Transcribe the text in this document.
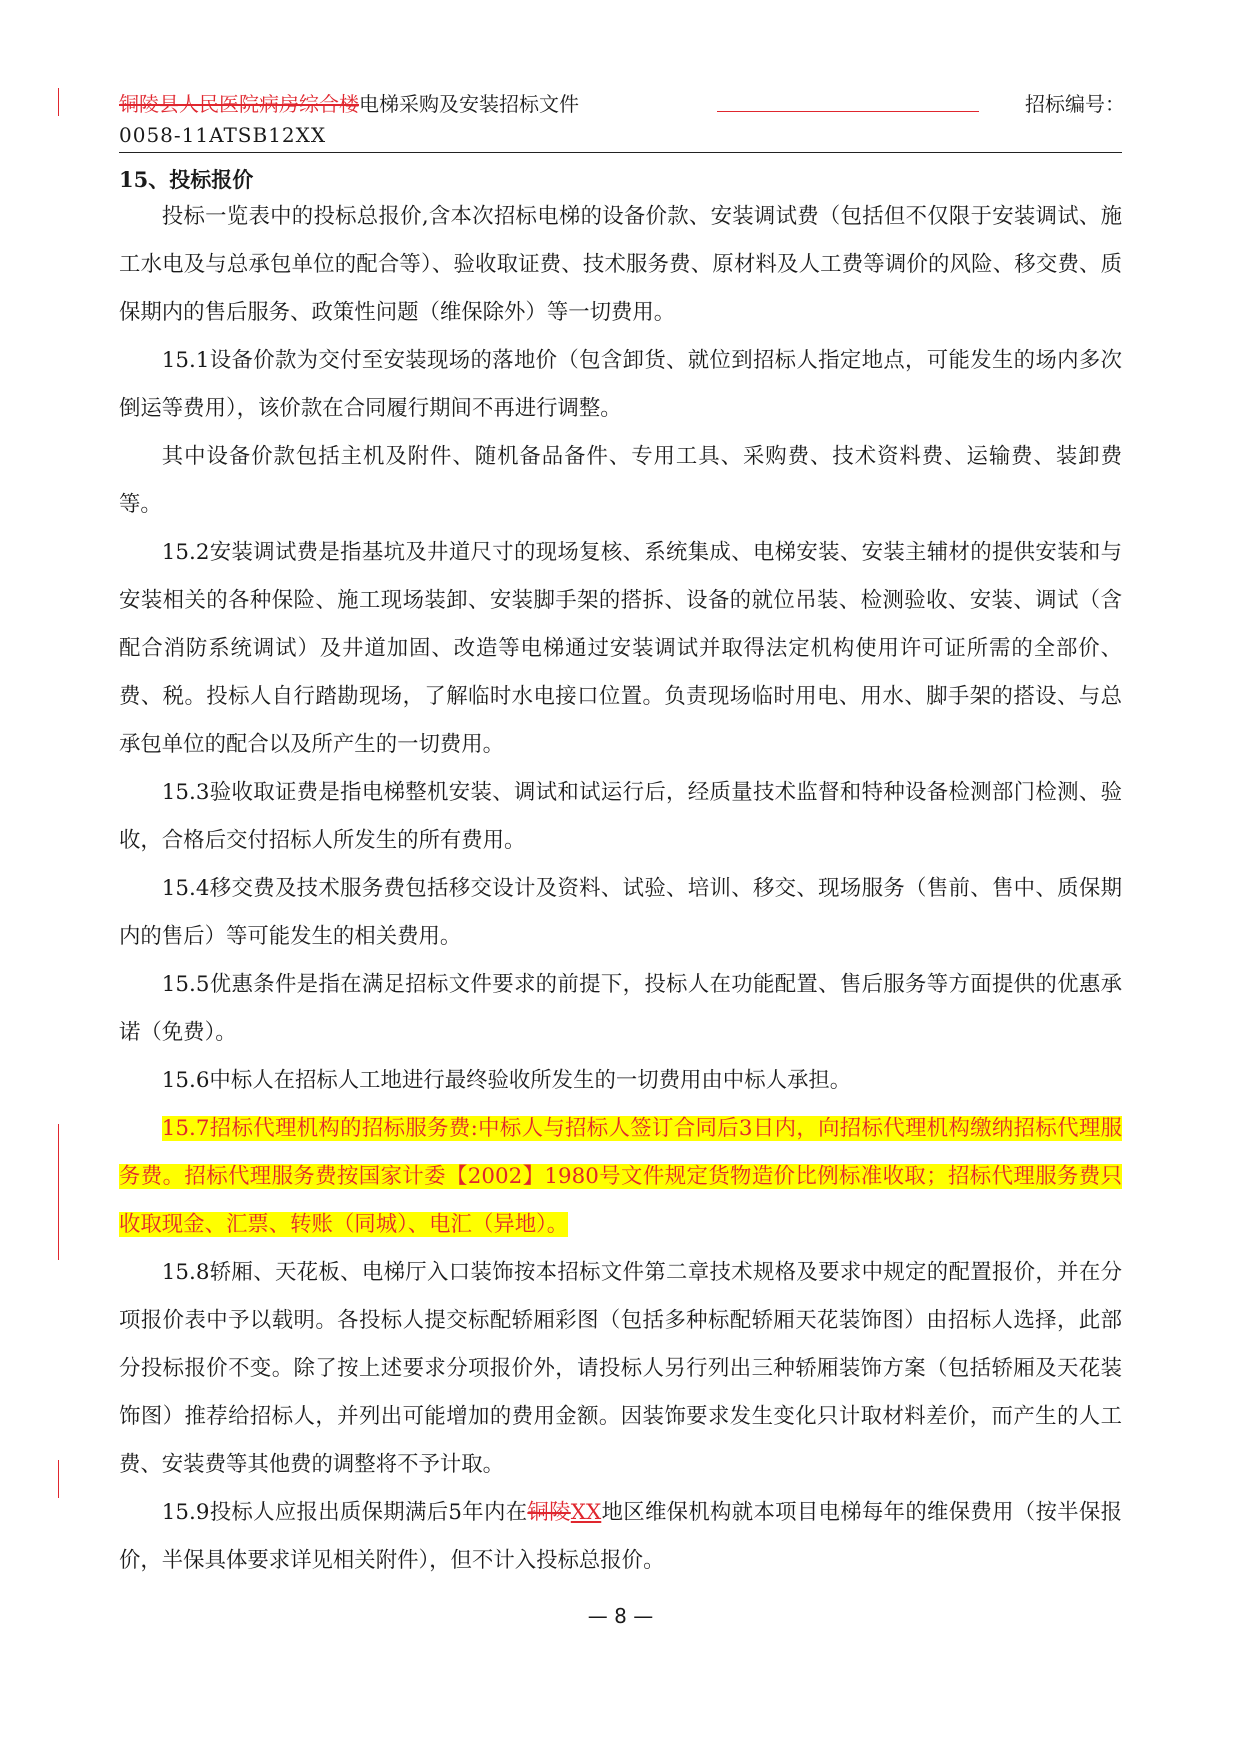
铜陵县人民医院病房综合楼电梯采购及安装招标文件	招标编号：
0058-11ATSB12XX
15、投标报价

投标一览表中的投标总报价,含本次招标电梯的设备价款、安装调试费（包括但不仅限于安装调试、施工水电及与总承包单位的配合等）、验收取证费、技术服务费、原材料及人工费等调价的风险、移交费、质保期内的售后服务、政策性问题（维保除外）等一切费用。

15.1设备价款为交付至安装现场的落地价（包含卸货、就位到招标人指定地点，可能发生的场内多次倒运等费用），该价款在合同履行期间不再进行调整。

其中设备价款包括主机及附件、随机备品备件、专用工具、采购费、技术资料费、运输费、装卸费等。

15.2安装调试费是指基坑及井道尺寸的现场复核、系统集成、电梯安装、安装主辅材的提供安装和与安装相关的各种保险、施工现场装卸、安装脚手架的搭拆、设备的就位吊装、检测验收、安装、调试（含配合消防系统调试）及井道加固、改造等电梯通过安装调试并取得法定机构使用许可证所需的全部价、费、税。投标人自行踏勘现场，了解临时水电接口位置。负责现场临时用电、用水、脚手架的搭设、与总承包单位的配合以及所产生的一切费用。

15.3验收取证费是指电梯整机安装、调试和试运行后，经质量技术监督和特种设备检测部门检测、验收，合格后交付招标人所发生的所有费用。

15.4移交费及技术服务费包括移交设计及资料、试验、培训、移交、现场服务（售前、售中、质保期内的售后）等可能发生的相关费用。

15.5优惠条件是指在满足招标文件要求的前提下，投标人在功能配置、售后服务等方面提供的优惠承诺（免费）。

15.6中标人在招标人工地进行最终验收所发生的一切费用由中标人承担。

15.7招标代理机构的招标服务费:中标人与招标人签订合同后3日内，向招标代理机构缴纳招标代理服务费。招标代理服务费按国家计委【2002】1980号文件规定货物造价比例标准收取；招标代理服务费只收取现金、汇票、转账（同城）、电汇（异地）。

15.8轿厢、天花板、电梯厅入口装饰按本招标文件第二章技术规格及要求中规定的配置报价，并在分项报价表中予以载明。各投标人提交标配轿厢彩图（包括多种标配轿厢天花装饰图）由招标人选择，此部分投标报价不变。除了按上述要求分项报价外，请投标人另行列出三种轿厢装饰方案（包括轿厢及天花装饰图）推荐给招标人，并列出可能增加的费用金额。因装饰要求发生变化只计取材料差价，而产生的人工费、安装费等其他费的调整将不予计取。

15.9投标人应报出质保期满后5年内在铜陵XX地区维保机构就本项目电梯每年的维保费用（按半保报价，半保具体要求详见相关附件），但不计入投标总报价。

— 8 —
